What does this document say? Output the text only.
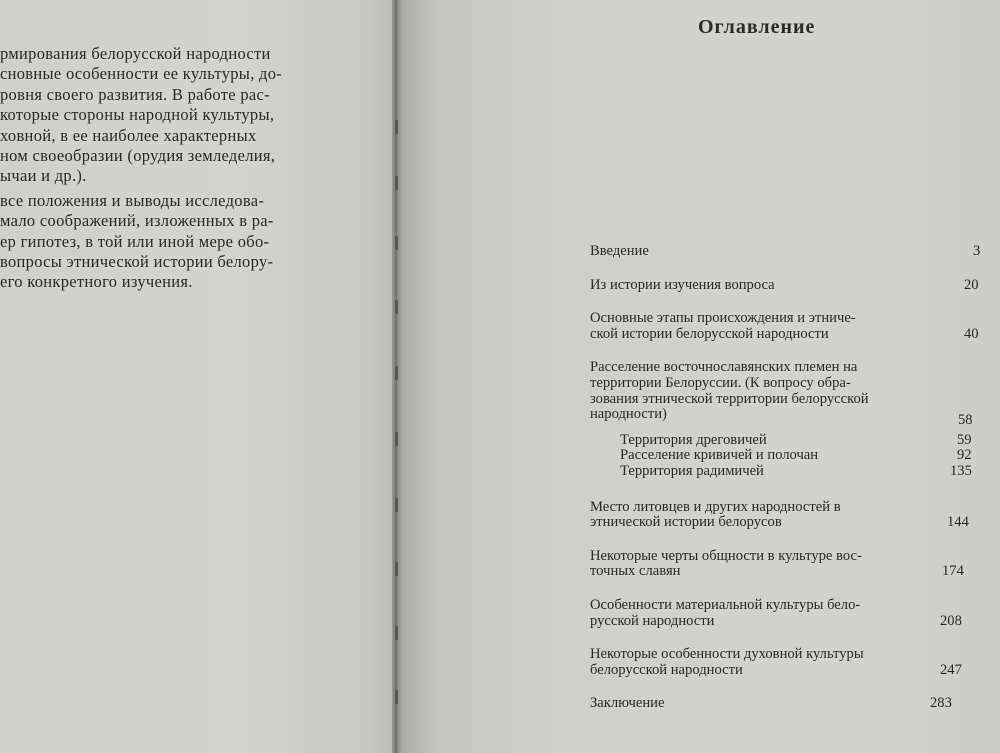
рмирования белорусской народности
сновные особенности ее культуры, до-
ровня своего развития. В работе рас-
которые стороны народной культуры,
ховной, в ее наиболее характерных
ном своеобразии (орудия земледелия,
ычаи и др.).
все положения и выводы исследова-
мало соображений, изложенных в ра-
ер гипотез, в той или иной мере обо-
вопросы этнической истории белору-
его конкретного изучения.
Оглавление
Введение	3
Из истории изучения вопроса	20
Основные этапы происхождения и этниче-
ской истории белорусской народности	40
Расселение восточнославянских племен на
территории Белоруссии. (К вопросу обра-
зования этнической территории белорусской
народности)	58
Территория дреговичей	59
Расселение кривичей и полочан	92
Территория радимичей	135
Место литовцев и других народностей в
этнической истории белорусов	144
Некоторые черты общности в культуре вос-
точных славян	174
Особенности материальной культуры бело-
русской народности	208
Некоторые особенности духовной культуры
белорусской народности	247
Заключение	283
